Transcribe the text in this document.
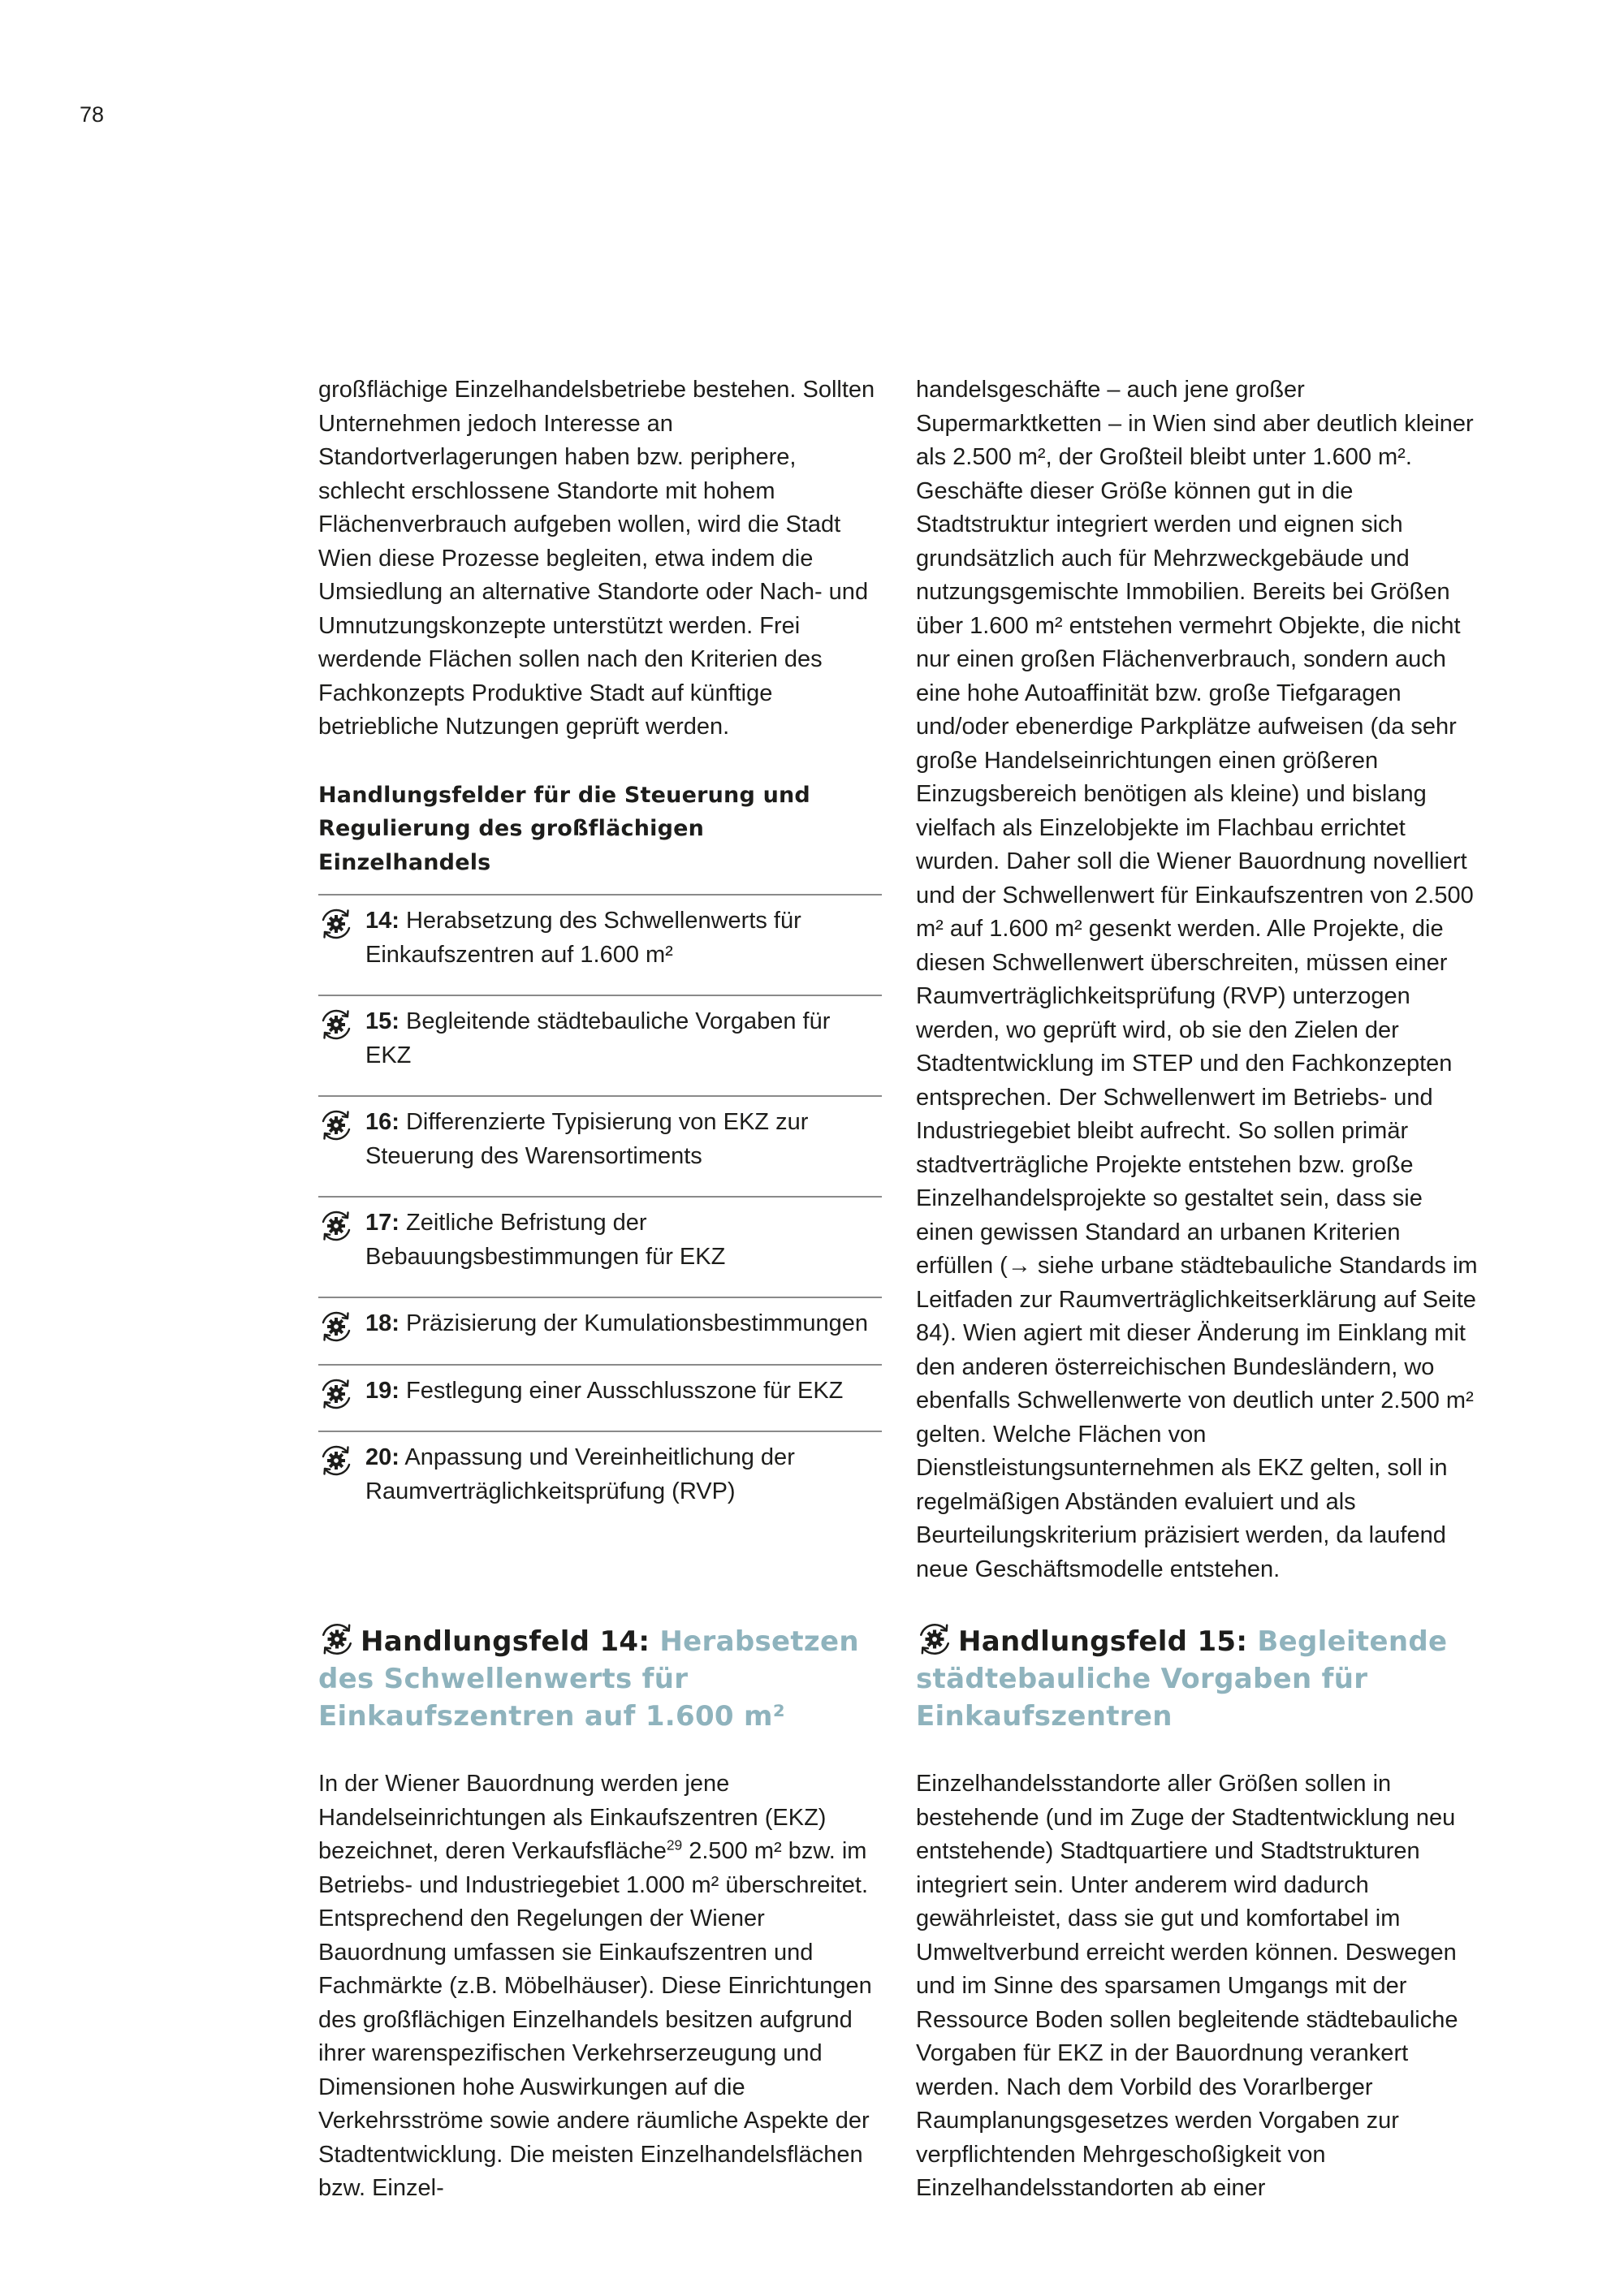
78

großflächige Einzelhandelsbetriebe bestehen. Sollten Unternehmen jedoch Interesse an Standortverlagerungen haben bzw. periphere, schlecht erschlossene Standorte mit hohem Flächenverbrauch aufgeben wollen, wird die Stadt Wien diese Prozesse begleiten, etwa indem die Umsiedlung an alternative Standorte oder Nach- und Umnutzungskonzepte unterstützt werden. Frei werdende Flächen sollen nach den Kriterien des Fachkonzepts Produktive Stadt auf künftige betriebliche Nutzungen geprüft werden.

Handlungsfelder für die Steuerung und Regulierung des großflächigen Einzelhandels
14: Herabsetzung des Schwellenwerts für Einkaufszentren auf 1.600 m²
15: Begleitende städtebauliche Vorgaben für EKZ
16: Differenzierte Typisierung von EKZ zur Steuerung des Warensortiments
17: Zeitliche Befristung der Bebauungsbestimmungen für EKZ
18: Präzisierung der Kumulationsbestimmungen
19: Festlegung einer Ausschlusszone für EKZ
20: Anpassung und Vereinheitlichung der Raumverträglichkeitsprüfung (RVP)

handelsgeschäfte – auch jene großer Supermarktketten – in Wien sind aber deutlich kleiner als 2.500 m², der Großteil bleibt unter 1.600 m². Geschäfte dieser Größe können gut in die Stadtstruktur integriert werden und eignen sich grundsätzlich auch für Mehrzweckgebäude und nutzungsgemischte Immobilien. Bereits bei Größen über 1.600 m² entstehen vermehrt Objekte, die nicht nur einen großen Flächenverbrauch, sondern auch eine hohe Autoaffinität bzw. große Tiefgaragen und/oder ebenerdige Parkplätze aufweisen (da sehr große Handelseinrichtungen einen größeren Einzugsbereich benötigen als kleine) und bislang vielfach als Einzelobjekte im Flachbau errichtet wurden. Daher soll die Wiener Bauordnung novelliert und der Schwellenwert für Einkaufszentren von 2.500 m² auf 1.600 m² gesenkt werden. Alle Projekte, die diesen Schwellenwert überschreiten, müssen einer Raumverträglichkeitsprüfung (RVP) unterzogen werden, wo geprüft wird, ob sie den Zielen der Stadtentwicklung im STEP und den Fachkonzepten entsprechen. Der Schwellenwert im Betriebs- und Industriegebiet bleibt aufrecht. So sollen primär stadtverträgliche Projekte entstehen bzw. große Einzelhandelsprojekte so gestaltet sein, dass sie einen gewissen Standard an urbanen Kriterien erfüllen (→ siehe urbane städtebauliche Standards im Leitfaden zur Raumverträglichkeitserklärung auf Seite 84). Wien agiert mit dieser Änderung im Einklang mit den anderen österreichischen Bundesländern, wo ebenfalls Schwellenwerte von deutlich unter 2.500 m² gelten. Welche Flächen von Dienstleistungsunternehmen als EKZ gelten, soll in regelmäßigen Abständen evaluiert und als Beurteilungskriterium präzisiert werden, da laufend neue Geschäftsmodelle entstehen.

Handlungsfeld 14: Herabsetzen des Schwellenwerts für Einkaufszentren auf 1.600 m²

In der Wiener Bauordnung werden jene Handelseinrichtungen als Einkaufszentren (EKZ) bezeichnet, deren Verkaufsfläche$^{29}$ 2.500 m² bzw. im Betriebs- und Industriegebiet 1.000 m² überschreitet. Entsprechend den Regelungen der Wiener Bauordnung umfassen sie Einkaufszentren und Fachmärkte (z.B. Möbelhäuser). Diese Einrichtungen des großflächigen Einzelhandels besitzen aufgrund ihrer warenspezifischen Verkehrserzeugung und Dimensionen hohe Auswirkungen auf die Verkehrsströme sowie andere räumliche Aspekte der Stadtentwicklung. Die meisten Einzelhandelsflächen bzw. Einzel-

Handlungsfeld 15: Begleitende städtebauliche Vorgaben für Einkaufszentren

Einzelhandelsstandorte aller Größen sollen in bestehende (und im Zuge der Stadtentwicklung neu entstehende) Stadtquartiere und Stadtstrukturen integriert sein. Unter anderem wird dadurch gewährleistet, dass sie gut und komfortabel im Umweltverbund erreicht werden können. Deswegen und im Sinne des sparsamen Umgangs mit der Ressource Boden sollen begleitende städtebauliche Vorgaben für EKZ in der Bauordnung verankert werden. Nach dem Vorbild des Vorarlberger Raumplanungsgesetzes werden Vorgaben zur verpflichtenden Mehrgeschoßigkeit von Einzelhandelsstandorten ab einer
